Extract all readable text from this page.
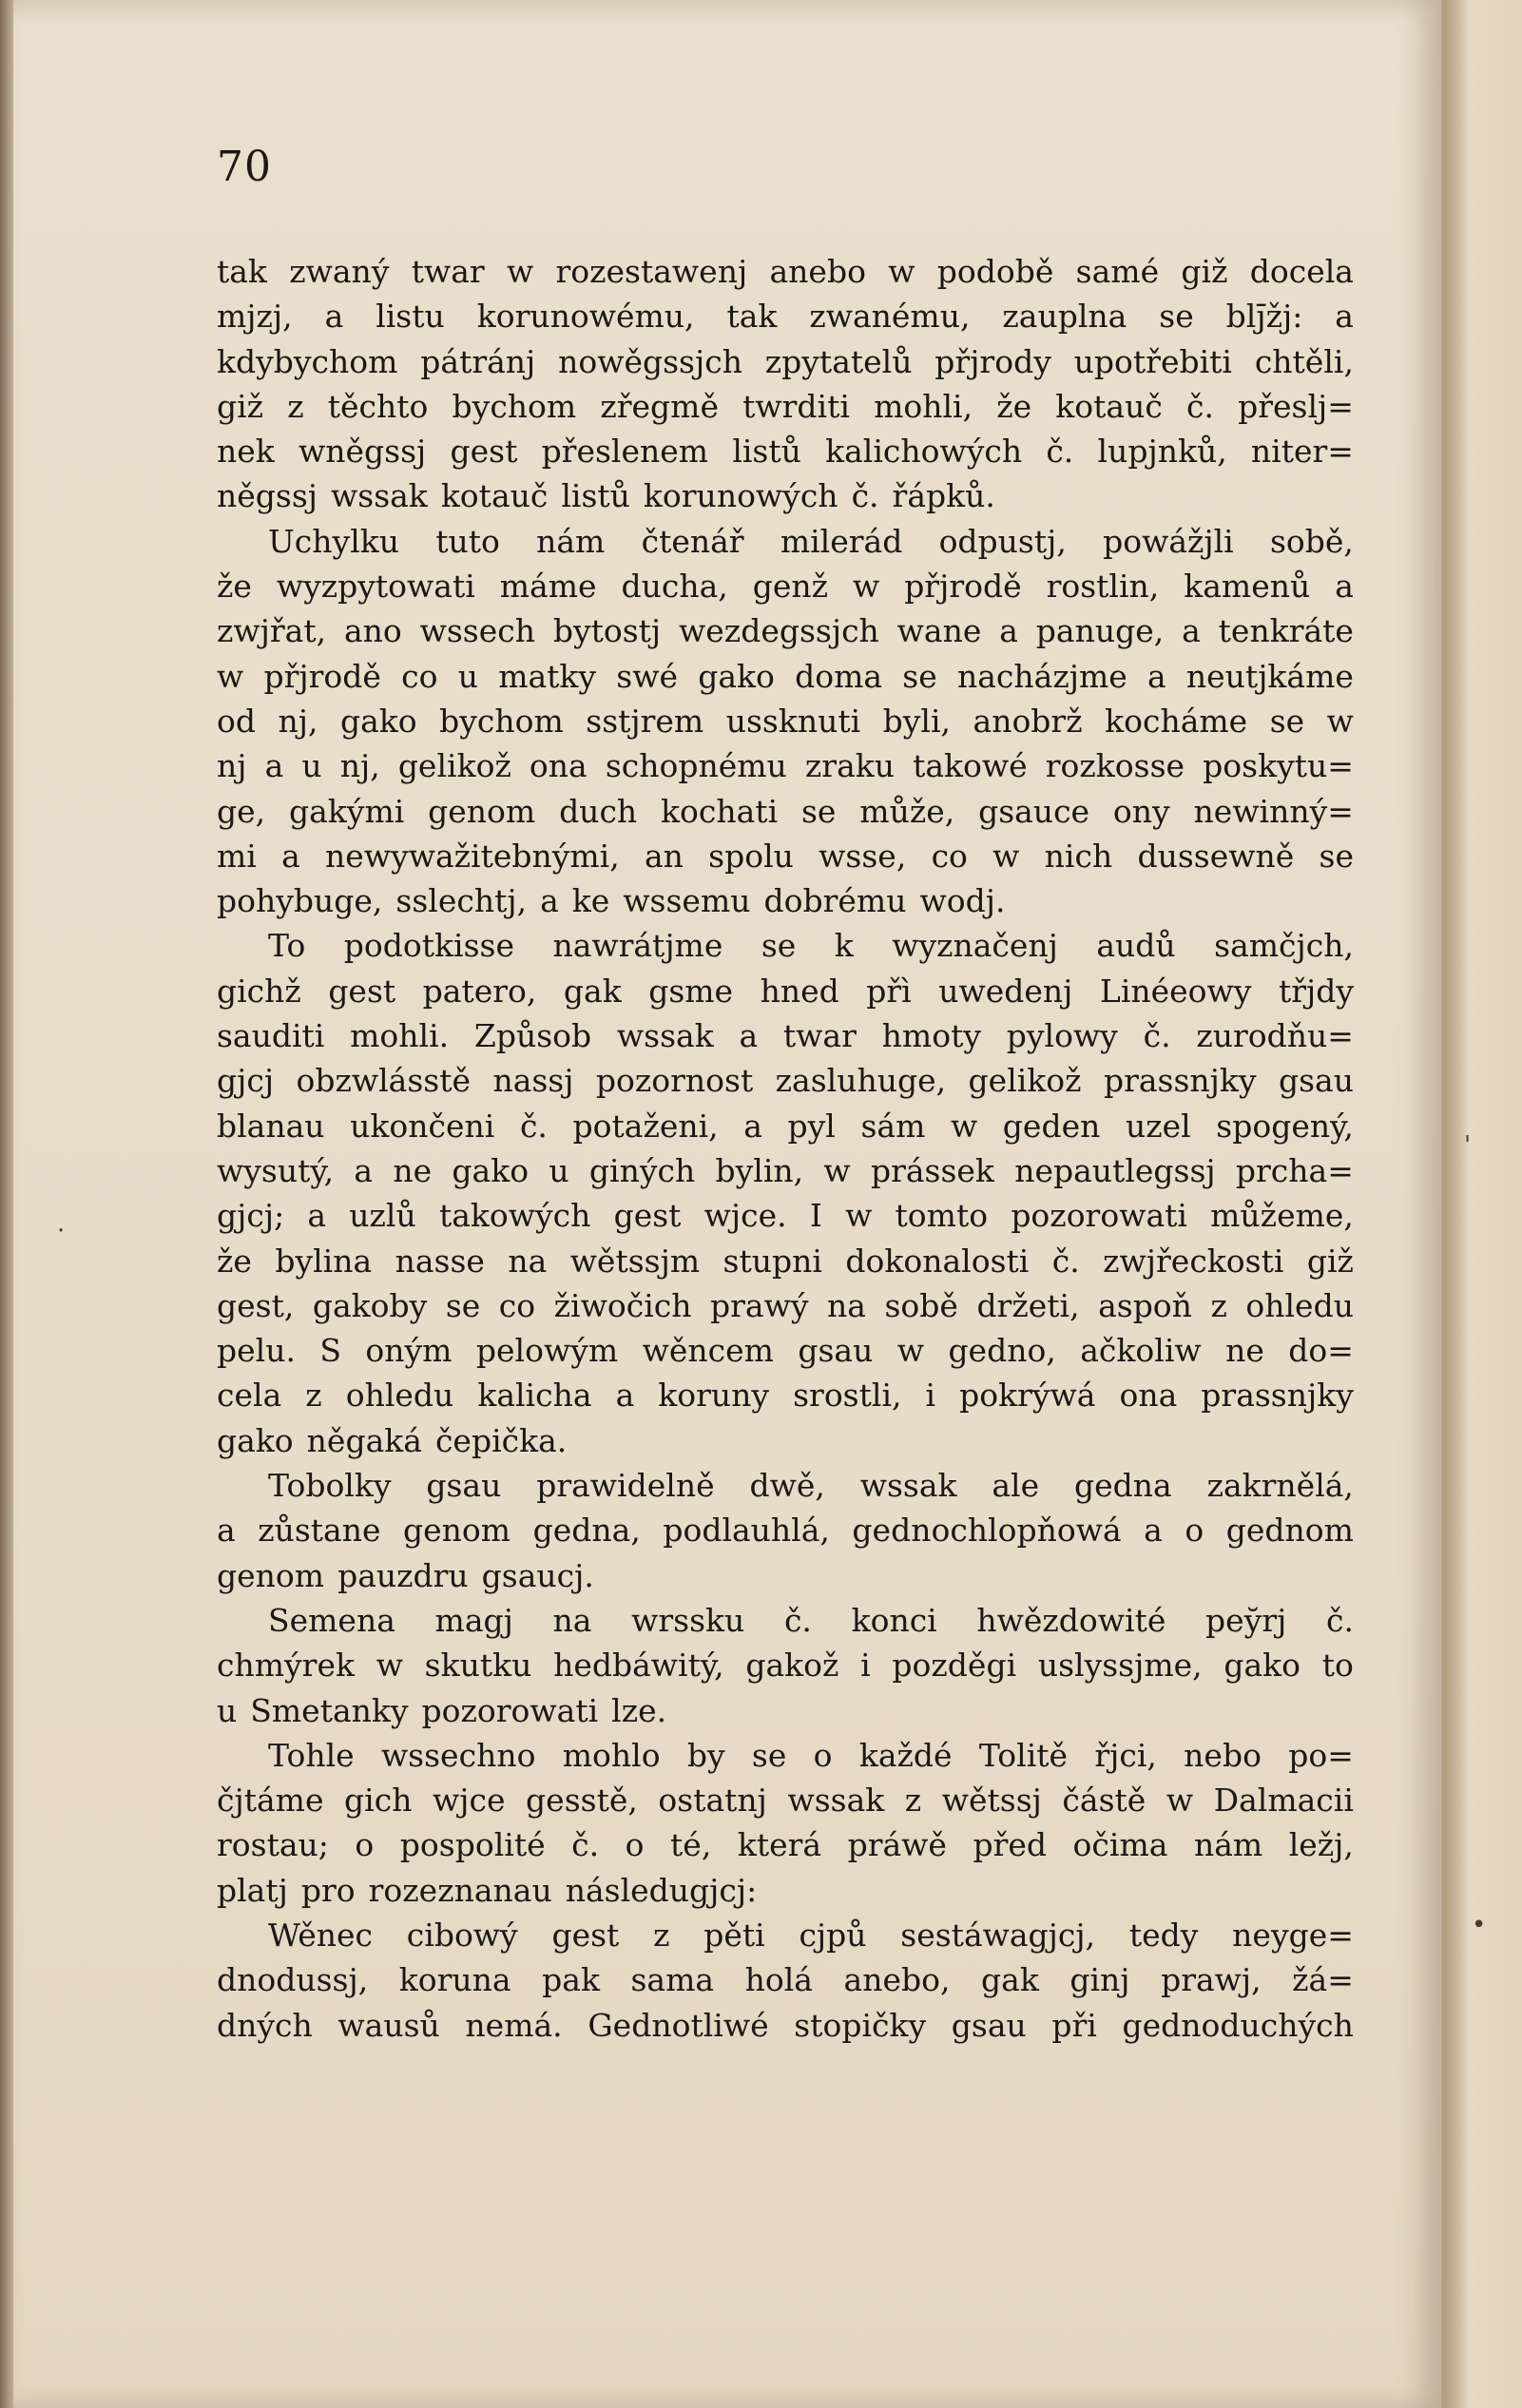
70
tak zwaný twar w rozestawenj anebo w podobě samé giž docela
mjzj, a listu korunowému, tak zwanému, zauplna se blj̄žj: a
kdybychom pátránj nowěgssjch zpytatelů přjrody upotřebiti chtěli,
giž z těchto bychom zřegmě twrditi mohli, že kotauč č. přeslj=
nek wněgssj gest přeslenem listů kalichowých č. lupjnků, niter=
něgssj wssak kotauč listů korunowých č. řápků.
Uchylku tuto nám čtenář milerád odpustj, powážjli sobě,
že wyzpytowati máme ducha, genž w přjrodě rostlin, kamenů a
zwjřat, ano wssech bytostj wezdegssjch wane a panuge, a tenkráte
w přjrodě co u matky swé gako doma se nacházjme a neutjkáme
od nj, gako bychom sstjrem ussknuti byli, anobrž kocháme se w
nj a u nj, gelikož ona schopnému zraku takowé rozkossе poskytu=
ge, gakými genom duch kochati se může, gsauce ony newinný=
mi a newywažitebnými, an spolu wsse, co w nich dussewně se
pohybuge, sslechtj, a ke wssemu dobrému wodj.
To podotkisse nawrátjme se k wyznačenj audů samčjch,
gichž gest patero, gak gsme hned přì uwedenj Linéeowy třjdy
sauditi mohli. Způsob wssak a twar hmoty pylowy č. zurodňu=
gjcj obzwlásstě nassj pozornost zasluhuge, gelikož prassnjky gsau
blanau ukončeni č. potaženi, a pyl sám w geden uzel spogený,
wysutý, a ne gako u giných bylin, w prássek nepautlegssj prcha=
gjcj; a uzlů takowých gest wjce. I w tomto pozorowati můžeme,
že bylina nasse na wětssjm stupni dokonalosti č. zwjřeckosti giž
gest, gakoby se co žiwočich prawý na sobě držeti, aspoň z ohledu
pelu. S oným pelowým wěncem gsau w gedno, ačkoliw ne do=
cela z ohledu kalicha a koruny srostli, i pokrýwá ona prassnjky
gako něgaká čepička.
Tobolky gsau prawidelně dwě, wssak ale gedna zakrnělá,
a zůstane genom gedna, podlauhlá, gednochlopňowá a o gednom
genom pauzdru gsaucj.
Semena magj na wrssku č. konci hwězdowité pey̆rj č.
chmýrek w skutku hedbáwitý, gakož i pozděgi uslyssjme, gako to
u Smetanky pozorowati lze.
Tohle wssechno mohlo by se o každé Tolitě řjci, nebo po=
čjtáme gich wjce gesstě, ostatnj wssak z wětssj částě w Dalmacii
rostau; o pospolité č. o té, která práwě před očima nám ležj,
platj pro rozeznanau následugjcj:
Wěnec cibowý gest z pěti cjpů sestáwagjcj, tedy neyge=
dnodussj, koruna pak sama holá anebo, gak ginj prawj, žá=
dných wausů nemá. Gednotliwé stopičky gsau při gednoduchých
·
'
•
